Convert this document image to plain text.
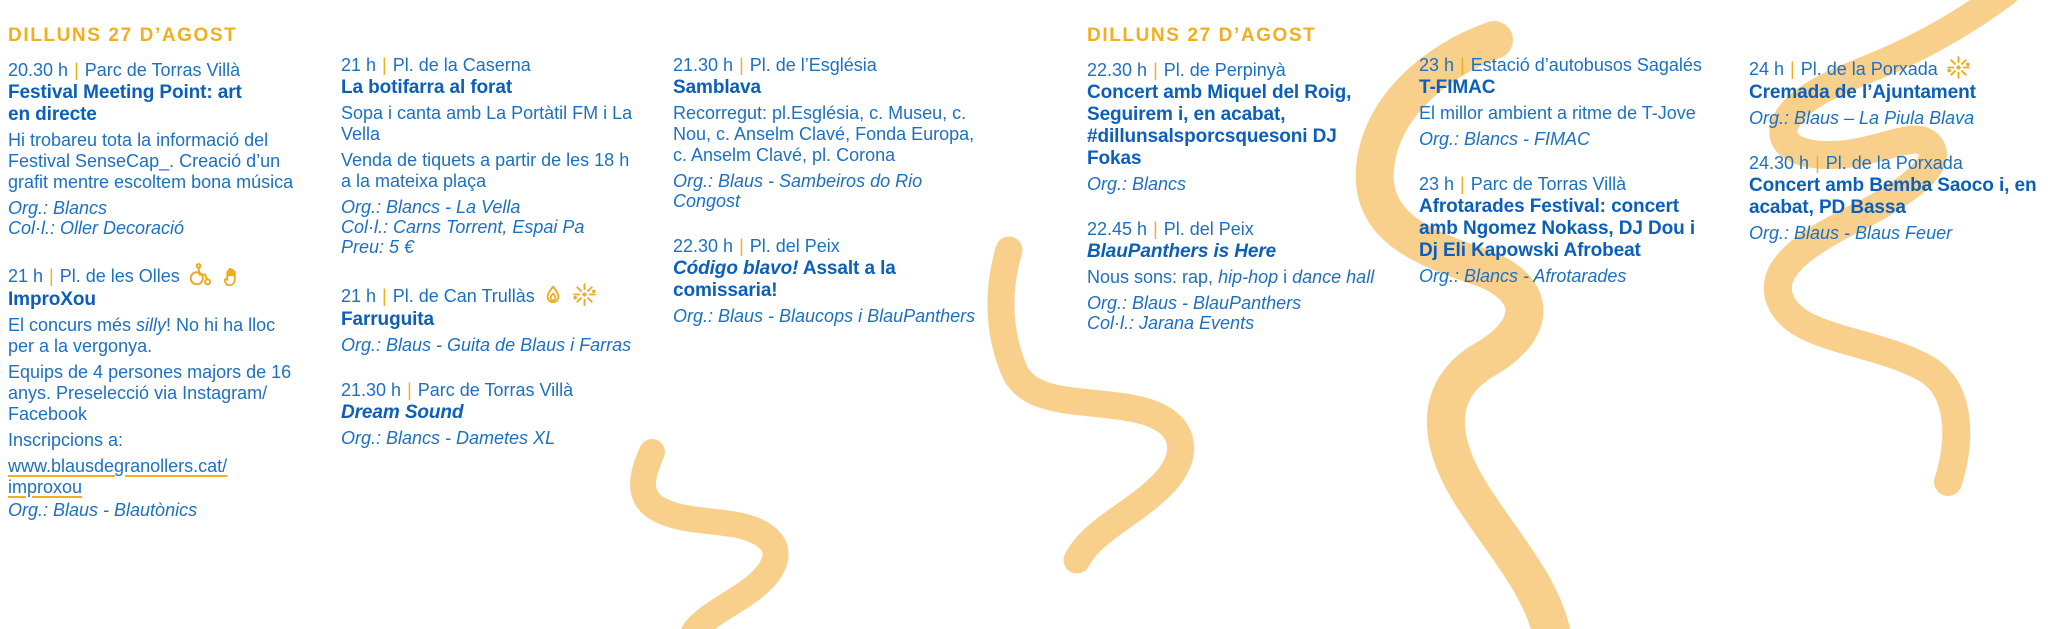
DILLUNS 27 D’AGOST
20.30 h | Parc de Torras Villà
Festival Meeting Point: art en directe

Hi trobareu tota la informació del Festival SenseCap_. Creació d’un grafit mentre escoltem bona música

Org.: Blancs

Col·l.: Oller Decoració

21 h | Pl. de les Olles
ImproXou

El concurs més silly! No hi ha lloc per a la vergonya.

Equips de 4 persones majors de 16 anys. Preselecció via Instagram/ Facebook

Inscripcions a:

www.blausdegranollers.cat/
improxou

Org.: Blaus - Blautònics

21 h | Pl. de la Caserna
La botifarra al forat

Sopa i canta amb La Portàtil FM i La Vella

Venda de tiquets a partir de les 18 h a la mateixa plaça

Org.: Blancs - La Vella

Col·l.: Carns Torrent, Espai Pa

Preu: 5 €

21 h | Pl. de Can Trullàs
Farruguita

Org.: Blaus - Guita de Blaus i Farras

21.30 h | Parc de Torras Villà
Dream Sound

Org.: Blancs - Dametes XL

21.30 h | Pl. de l’Església
Samblava

Recorregut: pl.Església, c. Museu, c. Nou, c. Anselm Clavé, Fonda Europa, c. Anselm Clavé, pl. Corona

Org.: Blaus - Sambeiros do Rio Congost

22.30 h | Pl. del Peix
Código blavo! Assalt a la comissaria!

Org.: Blaus - Blaucops i BlauPanthers

DILLUNS 27 D’AGOST
22.30 h | Pl. de Perpinyà
Concert amb Miquel del Roig, Seguirem i, en acabat, #dillunsalsporcsquesoni DJ Fokas

Org.: Blancs

22.45 h | Pl. del Peix
BlauPanthers is Here

Nous sons: rap, hip-hop i dance hall

Org.: Blaus - BlauPanthers

Col·l.: Jarana Events

23 h | Estació d’autobusos Sagalés
T-FIMAC

El millor ambient a ritme de T-Jove

Org.: Blancs - FIMAC

23 h | Parc de Torras Villà
Afrotarades Festival: concert amb Ngomez Nokass, DJ Dou i Dj Eli Kapowski Afrobeat

Org.: Blancs - Afrotarades

24 h | Pl. de la Porxada
Cremada de l’Ajuntament

Org.: Blaus – La Piula Blava

24.30 h | Pl. de la Porxada
Concert amb Bemba Saoco i, en acabat, PD Bassa

Org.: Blaus - Blaus Feuer
